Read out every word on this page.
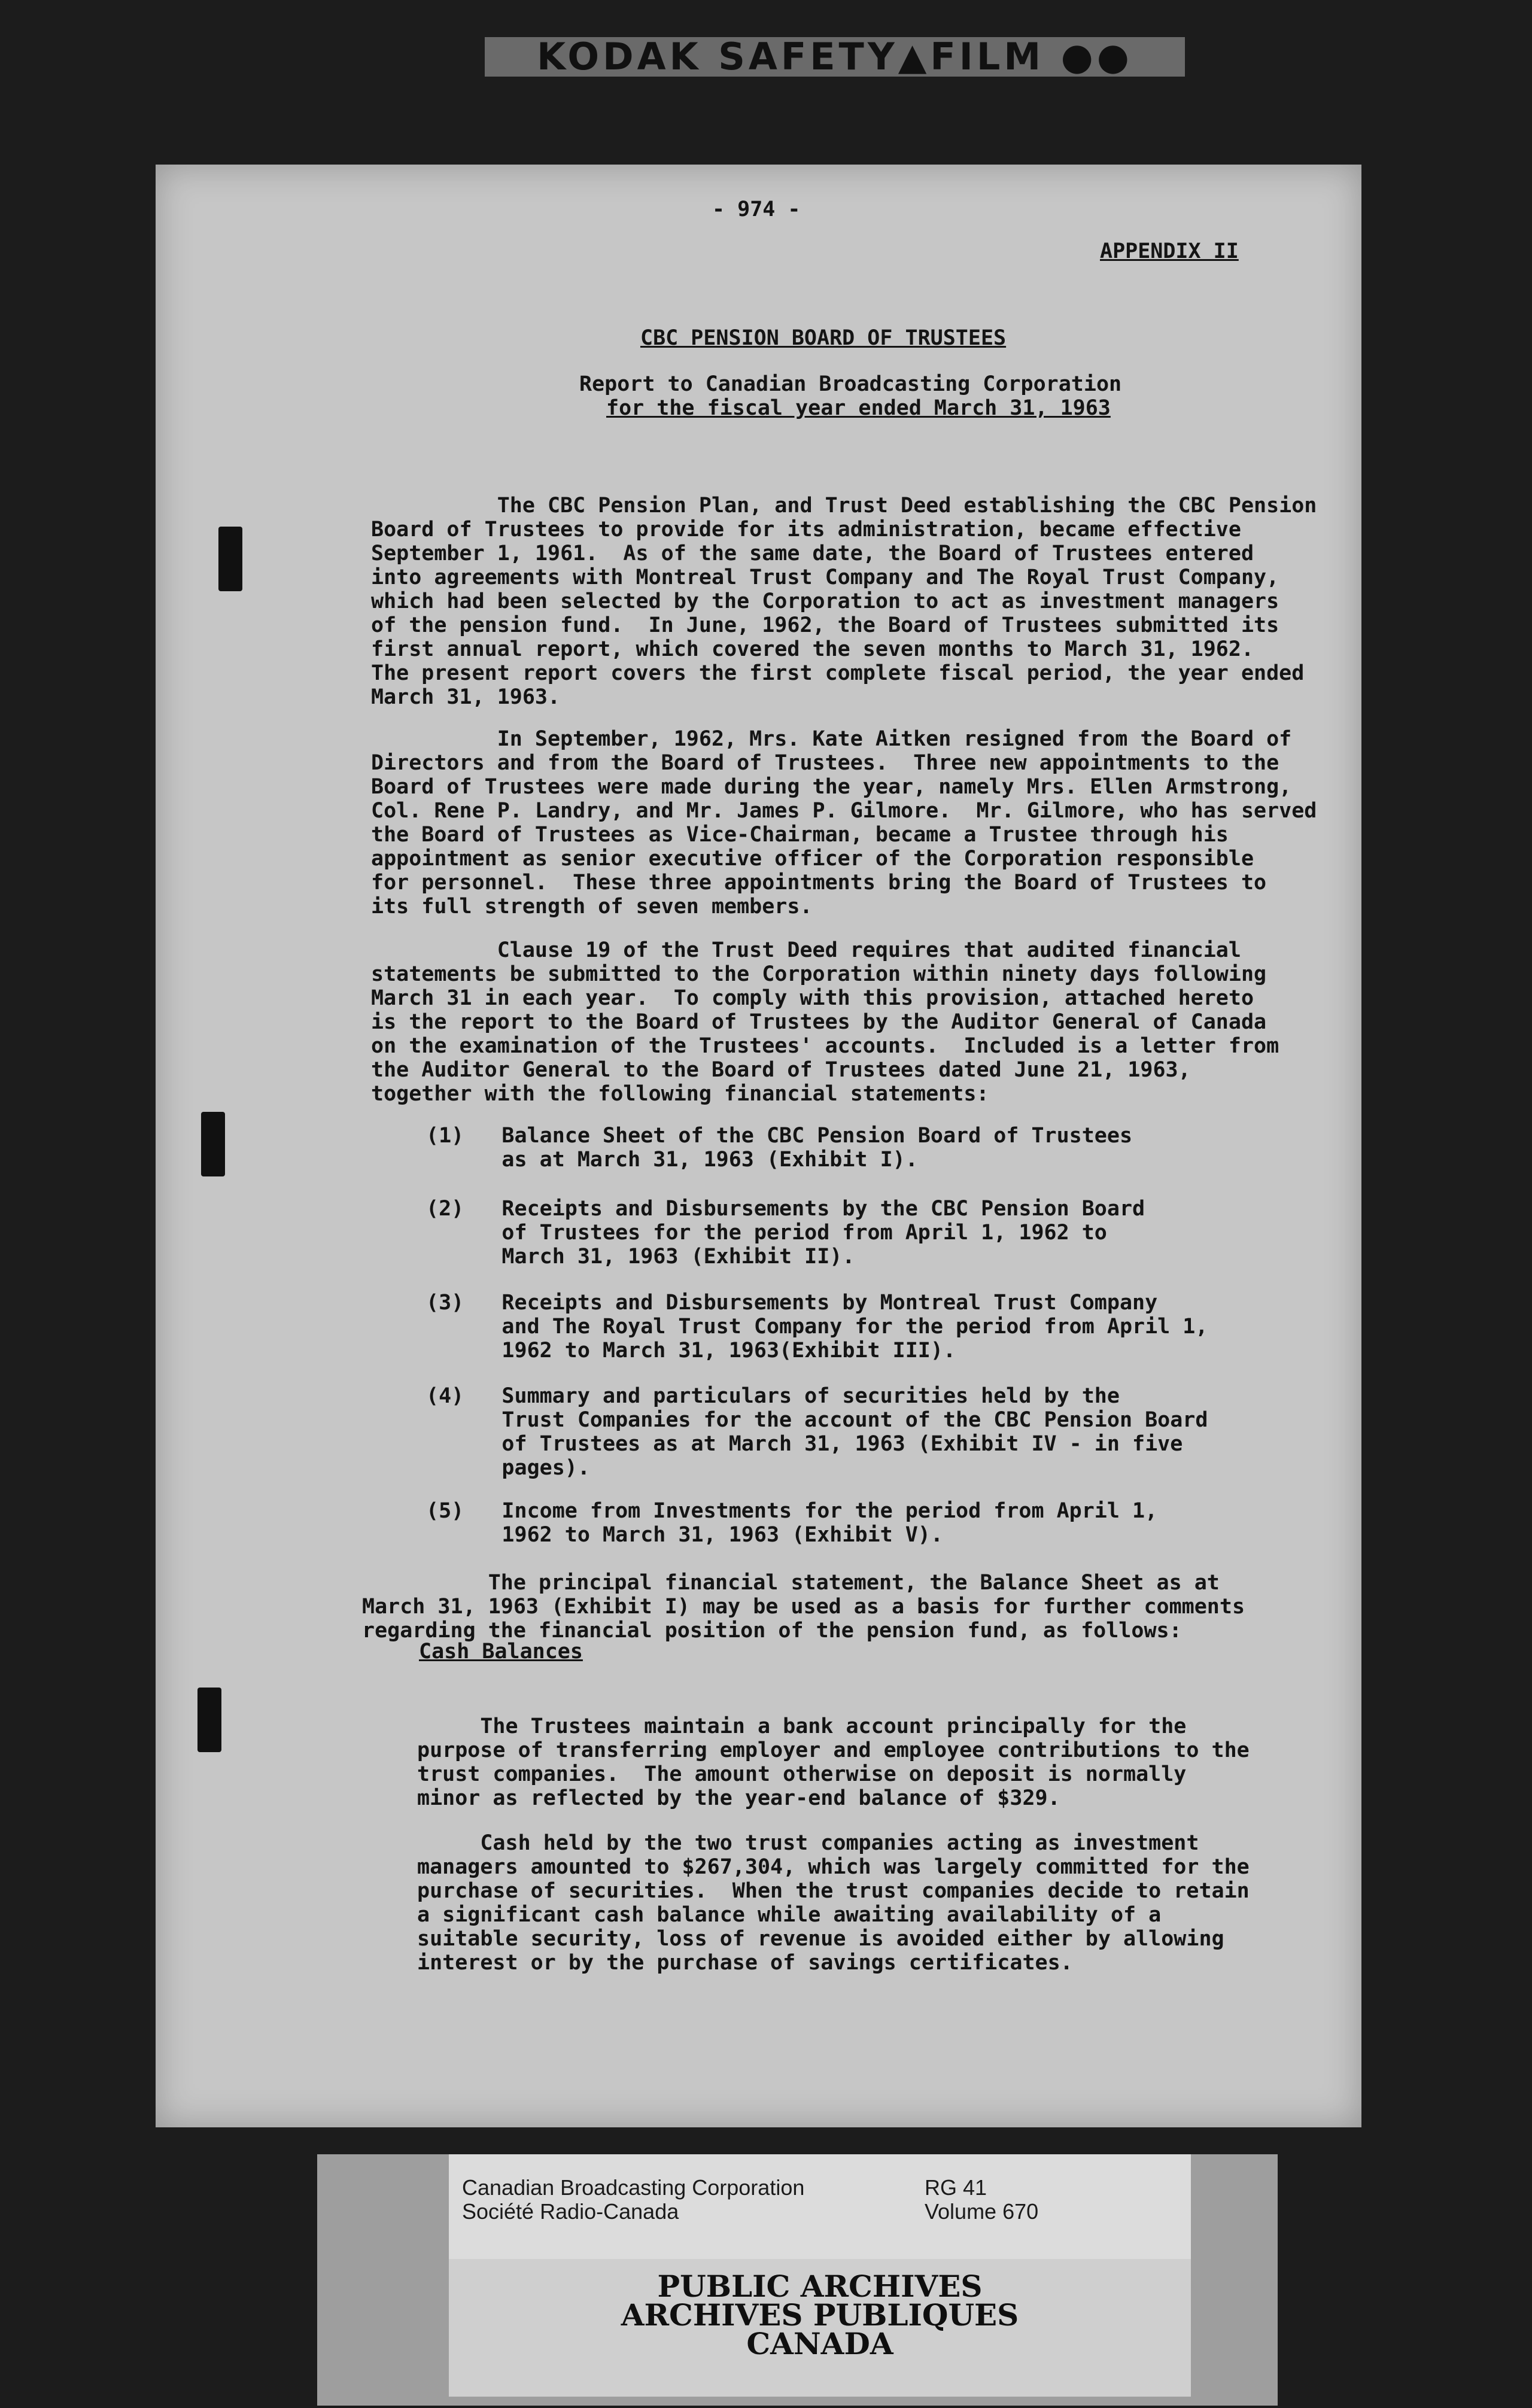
KODAK SAFETY▲FILM ●●
- 974 -
APPENDIX II
CBC PENSION BOARD OF TRUSTEES
Report to Canadian Broadcasting Corporation
for the fiscal year ended March 31, 1963

The CBC Pension Plan, and Trust Deed establishing the CBC Pension
Board of Trustees to provide for its administration, became effective
September 1, 1961.  As of the same date, the Board of Trustees entered
into agreements with Montreal Trust Company and The Royal Trust Company,
which had been selected by the Corporation to act as investment managers
of the pension fund.  In June, 1962, the Board of Trustees submitted its
first annual report, which covered the seven months to March 31, 1962.
The present report covers the first complete fiscal period, the year ended
March 31, 1963.

In September, 1962, Mrs. Kate Aitken resigned from the Board of
Directors and from the Board of Trustees.  Three new appointments to the
Board of Trustees were made during the year, namely Mrs. Ellen Armstrong,
Col. Rene P. Landry, and Mr. James P. Gilmore.  Mr. Gilmore, who has served
the Board of Trustees as Vice-Chairman, became a Trustee through his
appointment as senior executive officer of the Corporation responsible
for personnel.  These three appointments bring the Board of Trustees to
its full strength of seven members.

Clause 19 of the Trust Deed requires that audited financial
statements be submitted to the Corporation within ninety days following
March 31 in each year.  To comply with this provision, attached hereto
is the report to the Board of Trustees by the Auditor General of Canada
on the examination of the Trustees' accounts.  Included is a letter from
the Auditor General to the Board of Trustees dated June 21, 1963,
together with the following financial statements:

(1)   Balance Sheet of the CBC Pension Board of Trustees
as at March 31, 1963 (Exhibit I).

(2)   Receipts and Disbursements by the CBC Pension Board
of Trustees for the period from April 1, 1962 to
March 31, 1963 (Exhibit II).

(3)   Receipts and Disbursements by Montreal Trust Company
and The Royal Trust Company for the period from April 1,
1962 to March 31, 1963(Exhibit III).

(4)   Summary and particulars of securities held by the
Trust Companies for the account of the CBC Pension Board
of Trustees as at March 31, 1963 (Exhibit IV - in five
pages).

(5)   Income from Investments for the period from April 1,
1962 to March 31, 1963 (Exhibit V).

The principal financial statement, the Balance Sheet as at
March 31, 1963 (Exhibit I) may be used as a basis for further comments
regarding the financial position of the pension fund, as follows:

Cash Balances

The Trustees maintain a bank account principally for the
purpose of transferring employer and employee contributions to the
trust companies.  The amount otherwise on deposit is normally
minor as reflected by the year-end balance of $329.

Cash held by the two trust companies acting as investment
managers amounted to $267,304, which was largely committed for the
purchase of securities.  When the trust companies decide to retain
a significant cash balance while awaiting availability of a
suitable security, loss of revenue is avoided either by allowing
interest or by the purchase of savings certificates.

Canadian Broadcasting Corporation
Société Radio-Canada
RG 41
Volume 670
PUBLIC ARCHIVES
ARCHIVES PUBLIQUES
CANADA
